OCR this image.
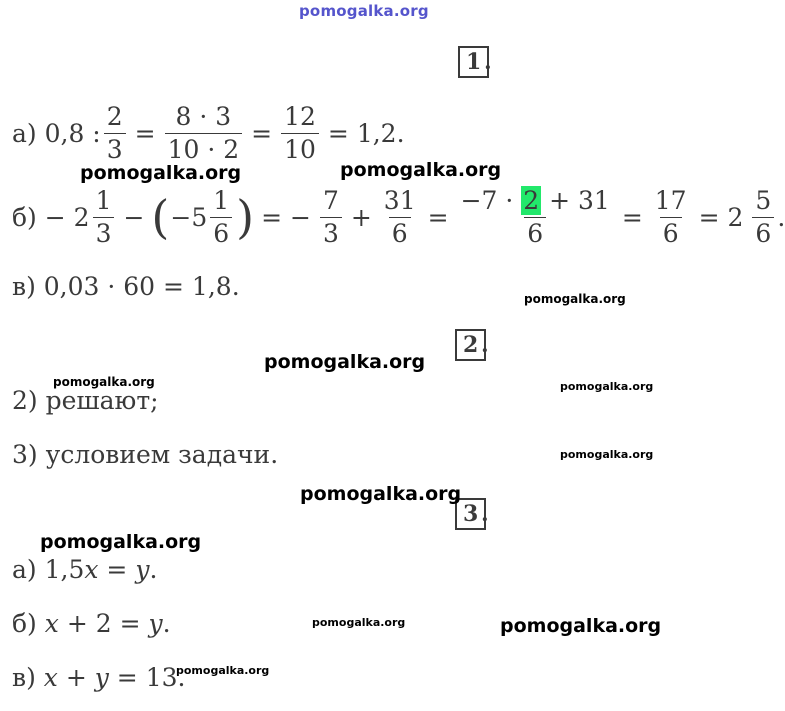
pomogalka.org
1 .
а) 0,8 : $\frac{2}{3} = \frac{8 \cdot 3}{10 \cdot 2} = \frac{12}{10} = 1,2$.
$б) - 2 \frac{1}{3}$ − ( $-5 \frac{1}{6}$ ) = − $\frac{7}{3} + \frac{31}{6} = \frac{-7 \cdot 2 + 31}{6} = \frac{17}{6} = 2 \frac{5}{6}$ .
в) 0,03 · 60 = 1,8.
2 .
2) решают;
3) условием задачи.
3 .
а) 1,5 x = y .
б) x + 2 = y .
в) x + y = 13.
pomogalka.org	pomogalka.org
pomogalka.org
pomogalka.org
pomogalka.org	pomogalka.org
pomogalka.org
pomogalka.org
pomogalka.org
pomogalka.org	pomogalka.org
pomogalka.org
